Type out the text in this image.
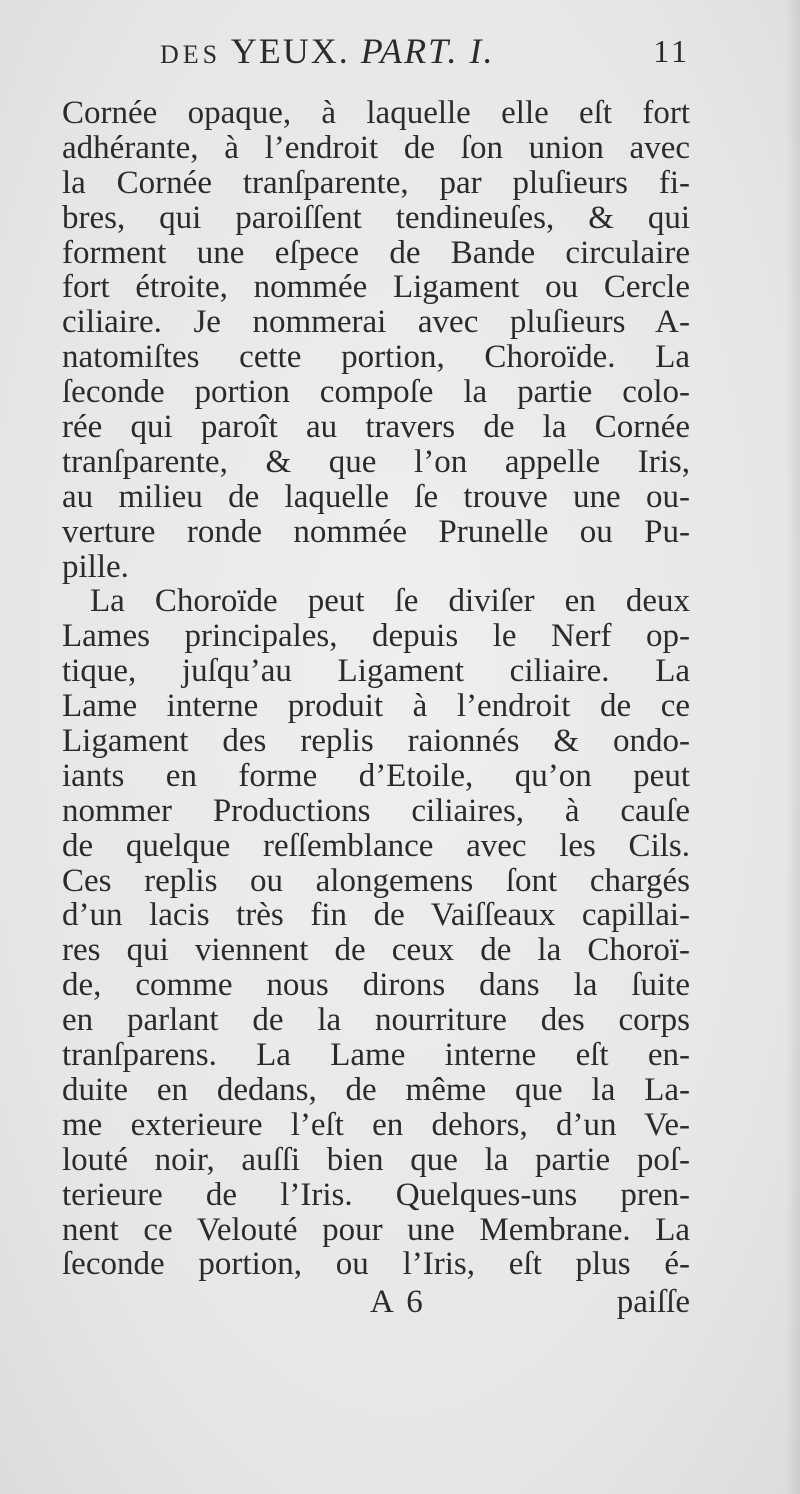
DES YEUX. PART. I.	11
Cornée opaque, à laquelle elle eſt fort
adhérante, à l’endroit de ſon union avec
la Cornée tranſparente, par pluſieurs fi-
bres, qui paroiſſent tendineuſes, & qui
forment une eſpece de Bande circulaire
fort étroite, nommée Ligament ou Cercle
ciliaire. Je nommerai avec pluſieurs A-
natomiſtes cette portion, Choroïde. La
ſeconde portion compoſe la partie colo-
rée qui paroît au travers de la Cornée
tranſparente, & que l’on appelle Iris,
au milieu de laquelle ſe trouve une ou-
verture ronde nommée Prunelle ou Pu-
pille.
La Choroïde peut ſe diviſer en deux
Lames principales, depuis le Nerf op-
tique, juſqu’au Ligament ciliaire. La
Lame interne produit à l’endroit de ce
Ligament des replis raionnés & ondo-
iants en forme d’Etoile, qu’on peut
nommer Productions ciliaires, à cauſe
de quelque reſſemblance avec les Cils.
Ces replis ou alongemens ſont chargés
d’un lacis très fin de Vaiſſeaux capillai-
res qui viennent de ceux de la Choroï-
de, comme nous dirons dans la ſuite
en parlant de la nourriture des corps
tranſparens. La Lame interne eſt en-
duite en dedans, de même que la La-
me exterieure l’eſt en dehors, d’un Ve-
louté noir, auſſi bien que la partie poſ-
terieure de l’Iris. Quelques-uns pren-
nent ce Velouté pour une Membrane. La
ſeconde portion, ou l’Iris, eſt plus é-
A 6	paiſſe
